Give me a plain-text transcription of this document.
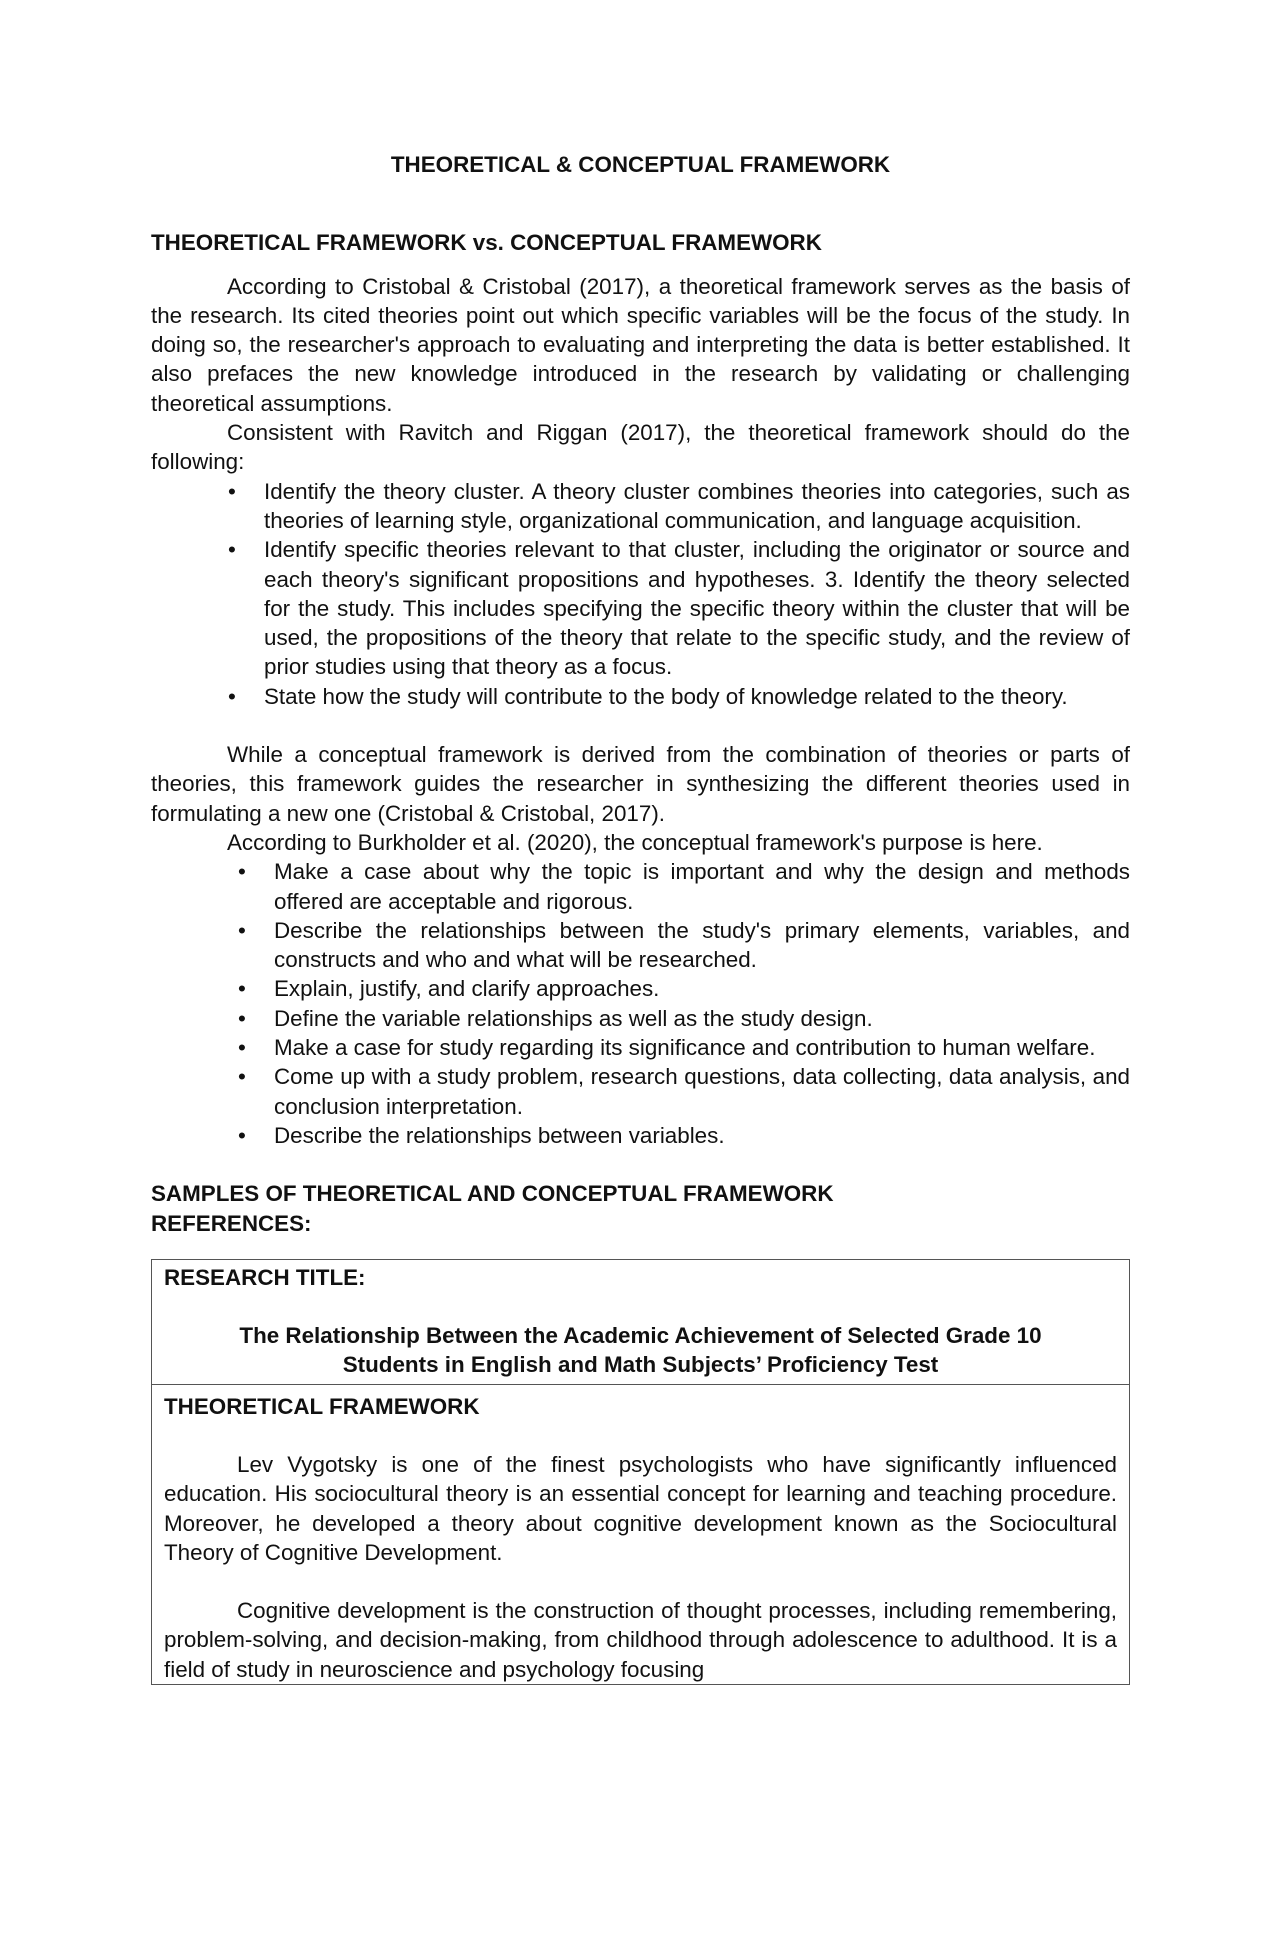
THEORETICAL & CONCEPTUAL FRAMEWORK
THEORETICAL FRAMEWORK vs. CONCEPTUAL FRAMEWORK

According to Cristobal & Cristobal (2017), a theoretical framework serves as the basis of the research. Its cited theories point out which specific variables will be the focus of the study. In doing so, the researcher's approach to evaluating and interpreting the data is better established. It also prefaces the new knowledge introduced in the research by validating or challenging theoretical assumptions.

Consistent with Ravitch and Riggan (2017), the theoretical framework should do the following:

• Identify the theory cluster. A theory cluster combines theories into categories, such as theories of learning style, organizational communication, and language acquisition.
• Identify specific theories relevant to that cluster, including the originator or source and each theory's significant propositions and hypotheses. 3. Identify the theory selected for the study. This includes specifying the specific theory within the cluster that will be used, the propositions of the theory that relate to the specific study, and the review of prior studies using that theory as a focus.
• State how the study will contribute to the body of knowledge related to the theory.

While a conceptual framework is derived from the combination of theories or parts of theories, this framework guides the researcher in synthesizing the different theories used in formulating a new one (Cristobal & Cristobal, 2017).

According to Burkholder et al. (2020), the conceptual framework's purpose is here.

• Make a case about why the topic is important and why the design and methods offered are acceptable and rigorous.
• Describe the relationships between the study's primary elements, variables, and constructs and who and what will be researched.
• Explain, justify, and clarify approaches.
• Define the variable relationships as well as the study design.
• Make a case for study regarding its significance and contribution to human welfare.
• Come up with a study problem, research questions, data collecting, data analysis, and conclusion interpretation.
• Describe the relationships between variables.
SAMPLES OF THEORETICAL AND CONCEPTUAL FRAMEWORK
REFERENCES:
RESEARCH TITLE:
The Relationship Between the Academic Achievement of Selected Grade 10
Students in English and Math Subjects’ Proficiency Test

THEORETICAL FRAMEWORK

Lev Vygotsky is one of the finest psychologists who have significantly influenced education. His sociocultural theory is an essential concept for learning and teaching procedure. Moreover, he developed a theory about cognitive development known as the Sociocultural Theory of Cognitive Development.

Cognitive development is the construction of thought processes, including remembering, problem-solving, and decision-making, from childhood through adolescence to adulthood. It is a field of study in neuroscience and psychology focusing
